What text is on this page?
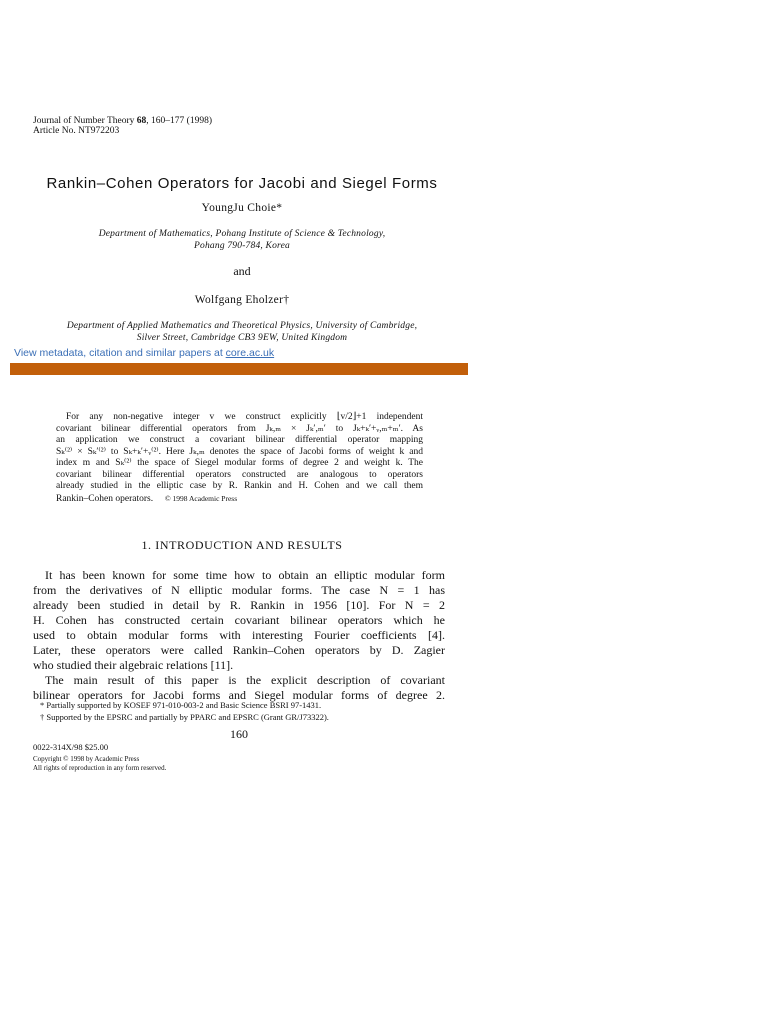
Journal of Number Theory 68, 160–177 (1998)
Article No. NT972203
Rankin–Cohen Operators for Jacobi and Siegel Forms
YoungJu Choie*
Department of Mathematics, Pohang Institute of Science & Technology,
Pohang 790-784, Korea
and
Wolfgang Eholzer†
Department of Applied Mathematics and Theoretical Physics, University of Cambridge,
Silver Street, Cambridge CB3 9EW, United Kingdom
View metadata, citation and similar papers at core.ac.uk
For any non-negative integer v we construct explicitly ⌊v/2⌋+1 independent
covariant bilinear differential operators from Jₖ,ₘ × Jₖ′,ₘ′ to Jₖ+ₖ′+ᵥ,ₘ+ₘ′. As
an application we construct a covariant bilinear differential operator mapping
Sₖ⁽²⁾ × Sₖ′⁽²⁾ to Sₖ+ₖ′+ᵥ⁽²⁾. Here Jₖ,ₘ denotes the space of Jacobi forms of weight k and
index m and Sₖ⁽²⁾ the space of Siegel modular forms of degree 2 and weight k. The
covariant bilinear differential operators constructed are analogous to operators
already studied in the elliptic case by R. Rankin and H. Cohen and we call them
Rankin–Cohen operators. © 1998 Academic Press
1. INTRODUCTION AND RESULTS
It has been known for some time how to obtain an elliptic modular form
from the derivatives of N elliptic modular forms. The case N = 1 has
already been studied in detail by R. Rankin in 1956 [10]. For N = 2
H. Cohen has constructed certain covariant bilinear operators which he
used to obtain modular forms with interesting Fourier coefficients [4].
Later, these operators were called Rankin–Cohen operators by D. Zagier
who studied their algebraic relations [11].
The main result of this paper is the explicit description of covariant
bilinear operators for Jacobi forms and Siegel modular forms of degree 2.
* Partially supported by KOSEF 971-010-003-2 and Basic Science BSRI 97-1431.
† Supported by the EPSRC and partially by PPARC and EPSRC (Grant GR/J73322).
160
0022-314X/98 $25.00
Copyright © 1998 by Academic Press
All rights of reproduction in any form reserved.
